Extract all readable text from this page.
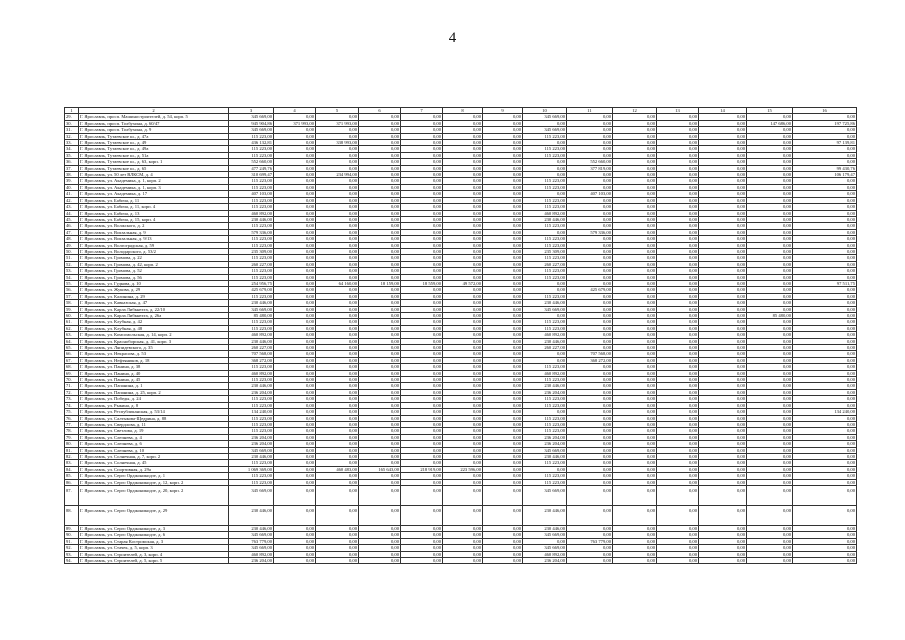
4
1	2	3	4	5	6	7	8	9	10	11	12	13	14	15	16
29.	Г. Ярославль, просп. Машиностроителей, д. 54, корп. 5	345 669,00	0,00	0,00	0,00	0,00	0,00	0,00	345 669,00	0,00	0,00	0,00	0,00	0,00	0,00
30.	Г. Ярославль, просп. Толбухина, д. 60/47	945 904,86	371 993,00	371 993,00	0,00	0,00	0,00	0,00	0,00	0,00	0,00	0,00	0,00	147 686,00	197 725,86
31.	Г. Ярославль, просп. Толбухина, д. 9	345 669,00	0,00	0,00	0,00	0,00	0,00	0,00	345 669,00	0,00	0,00	0,00	0,00	0,00	0,00
32.	Г. Ярославль, Тутаевское ш., д. 47а	115 223,00	0,00	0,00	0,00	0,00	0,00	0,00	115 223,00	0,00	0,00	0,00	0,00	0,00	0,00
33.	Г. Ярославль, Тутаевское ш., д. 49	436 132,81	0,00	338 993,00	0,00	0,00	0,00	0,00	0,00	0,00	0,00	0,00	0,00	0,00	97 139,81
34.	Г. Ярославль, Тутаевское ш., д. 49а	115 223,00	0,00	0,00	0,00	0,00	0,00	0,00	115 223,00	0,00	0,00	0,00	0,00	0,00	0,00
35.	Г. Ярославль, Тутаевское ш., д. 51а	115 223,00	0,00	0,00	0,00	0,00	0,00	0,00	115 223,00	0,00	0,00	0,00	0,00	0,00	0,00
36.	Г. Ярославль, Тутаевское ш., д. 63, корп. 1	552 660,00	0,00	0,00	0,00	0,00	0,00	0,00	0,00	552 660,00	0,00	0,00	0,00	0,00	0,00
37.	Г. Ярославль, Тутаевское ш., д. 65	477 249,76	0,00	0,00	0,00	0,00	0,00	0,00	0,00	377 819,00	0,00	0,00	0,00	0,00	99 430,76
38.	Г. Ярославль, ул. 50 лет ВЛКСМ, д. 4	310 699,47	0,00	234 994,00	0,00	0,00	0,00	0,00	0,00	0,00	0,00	0,00	0,00	0,00	106 179,47
39.	Г. Ярославль, ул. Академика, д. 1, корп. 2	115 223,00	0,00	0,00	0,00	0,00	0,00	0,00	115 223,00	0,00	0,00	0,00	0,00	0,00	0,00
40.	Г. Ярославль, ул. Академика, д. 1, корп. 3	115 223,00	0,00	0,00	0,00	0,00	0,00	0,00	115 223,00	0,00	0,00	0,00	0,00	0,00	0,00
41.	Г. Ярославль, ул. Академика, д. 17	407 103,00	0,00	0,00	0,00	0,00	0,00	0,00	0,00	407 103,00	0,00	0,00	0,00	0,00	0,00
42.	Г. Ярославль, ул. Бабича, д. 11	115 223,00	0,00	0,00	0,00	0,00	0,00	0,00	115 223,00	0,00	0,00	0,00	0,00	0,00	0,00
43.	Г. Ярославль, ул. Бабича, д. 11, корп. 4	115 223,00	0,00	0,00	0,00	0,00	0,00	0,00	115 223,00	0,00	0,00	0,00	0,00	0,00	0,00
44.	Г. Ярославль, ул. Бабича, д. 13	460 892,00	0,00	0,00	0,00	0,00	0,00	0,00	460 892,00	0,00	0,00	0,00	0,00	0,00	0,00
45.	Г. Ярославль, ул. Бабича, д. 15, корп. 4	230 446,00	0,00	0,00	0,00	0,00	0,00	0,00	230 446,00	0,00	0,00	0,00	0,00	0,00	0,00
46.	Г. Ярославль, ул. Волжского, д. 2	115 223,00	0,00	0,00	0,00	0,00	0,00	0,00	115 223,00	0,00	0,00	0,00	0,00	0,00	0,00
47.	Г. Ярославль, ул. Вокзальная, д. 9	579 336,00	0,00	0,00	0,00	0,00	0,00	0,00	0,00	579 336,00	0,00	0,00	0,00	0,00	0,00
48.	Г. Ярославль, ул. Вокзальная, д. 9/13	115 223,00	0,00	0,00	0,00	0,00	0,00	0,00	115 223,00	0,00	0,00	0,00	0,00	0,00	0,00
49.	Г. Ярославль, ул. Волгоградская, д. 59	115 223,00	0,00	0,00	0,00	0,00	0,00	0,00	115 223,00	0,00	0,00	0,00	0,00	0,00	0,00
50.	Г. Ярославль, ул. Володарского, д. 53/2	235 309,00	0,00	0,00	0,00	0,00	0,00	0,00	235 309,00	0,00	0,00	0,00	0,00	0,00	0,00
51.	Г. Ярославль, ул. Громова, д. 22	115 223,00	0,00	0,00	0,00	0,00	0,00	0,00	115 223,00	0,00	0,00	0,00	0,00	0,00	0,00
52.	Г. Ярославль, ул. Громова, д. 42, корп. 2	260 227,00	0,00	0,00	0,00	0,00	0,00	0,00	260 227,00	0,00	0,00	0,00	0,00	0,00	0,00
53.	Г. Ярославль, ул. Громова, д. 52	115 223,00	0,00	0,00	0,00	0,00	0,00	0,00	115 223,00	0,00	0,00	0,00	0,00	0,00	0,00
54.	Г. Ярославль, ул. Громова, д. 56	115 223,00	0,00	0,00	0,00	0,00	0,00	0,00	115 223,00	0,00	0,00	0,00	0,00	0,00	0,00
55.	Г. Ярославль, ул. Гудкова, д. 10	254 956,75	0,00	64 160,00	18 159,00	18 559,00	49 572,00	0,00	0,00	0,00	0,00	0,00	0,00	0,00	97 511,75
56.	Г. Ярославль, ул. Жукова, д. 29	425 679,00	0,00	0,00	0,00	0,00	0,00	0,00	0,00	425 679,00	0,00	0,00	0,00	0,00	0,00
57.	Г. Ярославль, ул. Калинина, д. 29	115 223,00	0,00	0,00	0,00	0,00	0,00	0,00	115 223,00	0,00	0,00	0,00	0,00	0,00	0,00
58.	Г. Ярославль, ул. Кавказская, д. 47	230 446,00	0,00	0,00	0,00	0,00	0,00	0,00	230 446,00	0,00	0,00	0,00	0,00	0,00	0,00
59.	Г. Ярославль, ул. Карла Либкнехта, д. 22/10	345 669,00	0,00	0,00	0,00	0,00	0,00	0,00	345 669,00	0,00	0,00	0,00	0,00	0,00	0,00
60.	Г. Ярославль, ул. Карла Либкнехта, д. 26а	85 480,00	0,00	0,00	0,00	0,00	0,00	0,00	0,00	0,00	0,00	0,00	0,00	85 480,00	0,00
61.	Г. Ярославль, ул. Клубная, д. 42	115 223,00	0,00	0,00	0,00	0,00	0,00	0,00	115 223,00	0,00	0,00	0,00	0,00	0,00	0,00
62.	Г. Ярославль, ул. Клубная, д. 48	115 223,00	0,00	0,00	0,00	0,00	0,00	0,00	115 223,00	0,00	0,00	0,00	0,00	0,00	0,00
63.	Г. Ярославль, ул. Комсомольская, д. 14, корп. 2	460 892,00	0,00	0,00	0,00	0,00	0,00	0,00	460 892,00	0,00	0,00	0,00	0,00	0,00	0,00
64.	Г. Ярославль, ул. Красноборская, д. 41, корп. 3	230 446,00	0,00	0,00	0,00	0,00	0,00	0,00	230 446,00	0,00	0,00	0,00	0,00	0,00	0,00
65.	Г. Ярославль, ул. Ляпидевского, д. 35	260 227,00	0,00	0,00	0,00	0,00	0,00	0,00	260 227,00	0,00	0,00	0,00	0,00	0,00	0,00
66.	Г. Ярославль, ул. Некрасова, д. 53	707 568,00	0,00	0,00	0,00	0,00	0,00	0,00	0,00	707 568,00	0,00	0,00	0,00	0,00	0,00
67.	Г. Ярославль, ул. Нефтяников, д. 18	368 272,00	0,00	0,00	0,00	0,00	0,00	0,00	0,00	368 272,00	0,00	0,00	0,00	0,00	0,00
68.	Г. Ярославль, ул. Панина, д. 38	115 223,00	0,00	0,00	0,00	0,00	0,00	0,00	115 223,00	0,00	0,00	0,00	0,00	0,00	0,00
69.	Г. Ярославль, ул. Панина, д. 40	460 892,00	0,00	0,00	0,00	0,00	0,00	0,00	460 892,00	0,00	0,00	0,00	0,00	0,00	0,00
70.	Г. Ярославль, ул. Панина, д. 45	115 223,00	0,00	0,00	0,00	0,00	0,00	0,00	115 223,00	0,00	0,00	0,00	0,00	0,00	0,00
71.	Г. Ярославль, ул. Папанина, д. 1	230 446,00	0,00	0,00	0,00	0,00	0,00	0,00	230 446,00	0,00	0,00	0,00	0,00	0,00	0,00
72.	Г. Ярославль, ул. Папанина, д. 25, корп. 2	236 204,00	0,00	0,00	0,00	0,00	0,00	0,00	236 204,00	0,00	0,00	0,00	0,00	0,00	0,00
73.	Г. Ярославль, ул. Победы, д. 24	115 223,00	0,00	0,00	0,00	0,00	0,00	0,00	115 223,00	0,00	0,00	0,00	0,00	0,00	0,00
74.	Г. Ярославль, ул. Рыкина, д. 8	115 223,00	0,00	0,00	0,00	0,00	0,00	0,00	115 223,00	0,00	0,00	0,00	0,00	0,00	0,00
75.	Г. Ярославль, ул. Республиканская, д. 53/14	134 240,00	0,00	0,00	0,00	0,00	0,00	0,00	0,00	0,00	0,00	0,00	0,00	0,00	134 240,00
76.	Г. Ярославль, ул. Салтыкова-Щедрина, д. 88	115 223,00	0,00	0,00	0,00	0,00	0,00	0,00	115 223,00	0,00	0,00	0,00	0,00	0,00	0,00
77.	Г. Ярославль, ул. Свердлова, д. 11	115 223,00	0,00	0,00	0,00	0,00	0,00	0,00	115 223,00	0,00	0,00	0,00	0,00	0,00	0,00
78.	Г. Ярославль, ул. Светлова, д. 19	115 223,00	0,00	0,00	0,00	0,00	0,00	0,00	115 223,00	0,00	0,00	0,00	0,00	0,00	0,00
79.	Г. Ярославль, ул. Слепнева, д. 4	236 204,00	0,00	0,00	0,00	0,00	0,00	0,00	236 204,00	0,00	0,00	0,00	0,00	0,00	0,00
80.	Г. Ярославль, ул. Слепнева, д. 6	236 204,00	0,00	0,00	0,00	0,00	0,00	0,00	236 204,00	0,00	0,00	0,00	0,00	0,00	0,00
81.	Г. Ярославль, ул. Слепнева, д. 10	345 669,00	0,00	0,00	0,00	0,00	0,00	0,00	345 669,00	0,00	0,00	0,00	0,00	0,00	0,00
82.	Г. Ярославль, ул. Солнечная, д. 7, корп. 2	230 446,00	0,00	0,00	0,00	0,00	0,00	0,00	230 446,00	0,00	0,00	0,00	0,00	0,00	0,00
83.	Г. Ярославль, ул. Солнечная, д. 45	115 223,00	0,00	0,00	0,00	0,00	0,00	0,00	115 223,00	0,00	0,00	0,00	0,00	0,00	0,00
84.	Г. Ярославль, ул. Спортивная, д. 29а	1 069 369,00	0,00	460 483,00	165 643,00	218 919,00	223 596,00	0,00	0,00	0,00	0,00	0,00	0,00	0,00	0,00
85.	Г. Ярославль, ул. Серго Орджоникидзе, д. 1	115 223,00	0,00	0,00	0,00	0,00	0,00	0,00	115 223,00	0,00	0,00	0,00	0,00	0,00	0,00
86.	Г. Ярославль, ул. Серго Орджоникидзе, д. 12, корп. 2	115 223,00	0,00	0,00	0,00	0,00	0,00	0,00	115 223,00	0,00	0,00	0,00	0,00	0,00	0,00
87.	Г. Ярославль, ул. Серго Орджоникидзе, д. 20, корп. 2	345 669,00	0,00	0,00	0,00	0,00	0,00	0,00	345 669,00	0,00	0,00	0,00	0,00	0,00	0,00
88.	Г. Ярославль, ул. Серго Орджоникидзе, д. 29	230 446,00	0,00	0,00	0,00	0,00	0,00	0,00	230 446,00	0,00	0,00	0,00	0,00	0,00	0,00
89.	Г. Ярославль, ул. Серго Орджоникидзе, д. 3	230 446,00	0,00	0,00	0,00	0,00	0,00	0,00	230 446,00	0,00	0,00	0,00	0,00	0,00	0,00
90.	Г. Ярославль, ул. Серго Орджоникидзе, д. 6	345 669,00	0,00	0,00	0,00	0,00	0,00	0,00	345 669,00	0,00	0,00	0,00	0,00	0,00	0,00
91.	Г. Ярославль, ул. Старая Костромская, д. 3	763 779,00	0,00	0,00	0,00	0,00	0,00	0,00	0,00	763 779,00	0,00	0,00	0,00	0,00	0,00
92.	Г. Ярославль, ул. Стачек, д. 5, корп. 3	345 669,00	0,00	0,00	0,00	0,00	0,00	0,00	345 669,00	0,00	0,00	0,00	0,00	0,00	0,00
93.	Г. Ярославль, ул. Строителей, д. 3, корп. 4	460 892,00	0,00	0,00	0,00	0,00	0,00	0,00	460 892,00	0,00	0,00	0,00	0,00	0,00	0,00
94.	Г. Ярославль, ул. Строителей, д. 5, корп. 5	236 204,00	0,00	0,00	0,00	0,00	0,00	0,00	236 204,00	0,00	0,00	0,00	0,00	0,00	0,00
